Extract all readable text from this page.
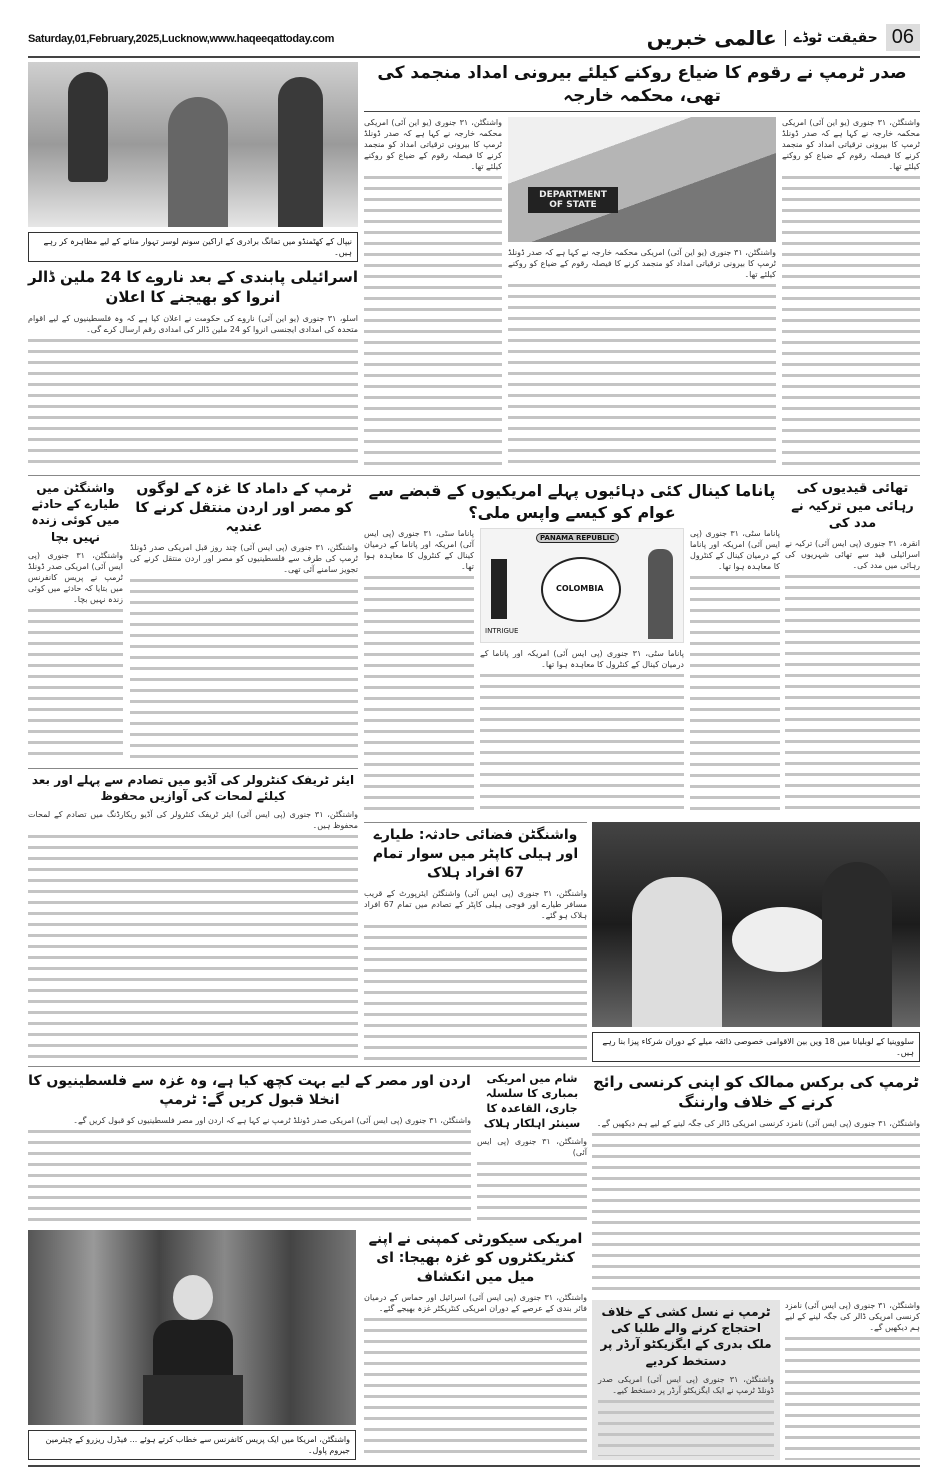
Saturday,01,February,2025,Lucknow,www.haqeeqattoday.com	06
حقیقت ٹوڈے
عالمی خبریں
نیپال کے کھٹمنڈو میں تمانگ برادری کے اراکین سونم لوسر تہوار منانے کے لیے مظاہرہ کر رہے ہیں۔
اسرائیلی پابندی کے بعد ناروے کا 24 ملین ڈالر انروا کو بھیجنے کا اعلان
اسلو، ۳۱ جنوری (یو این آئی) ناروے کی حکومت نے اعلان کیا ہے کہ وہ فلسطینیوں کے لیے اقوام متحدہ کی امدادی ایجنسی انروا کو 24 ملین ڈالر کی امدادی رقم ارسال کرے گی۔
صدر ٹرمپ نے رقوم کا ضیاع روکنے کیلئے بیرونی امداد منجمد کی تھی، محکمہ خارجہ
واشنگٹن، ۳۱ جنوری (یو این آئی) امریکی محکمہ خارجہ نے کہا ہے کہ صدر ڈونلڈ ٹرمپ کا بیرونی ترقیاتی امداد کو منجمد کرنے کا فیصلہ رقوم کے ضیاع کو روکنے کیلئے تھا۔
DEPARTMENT OF STATE
واشنگٹن، ۳۱ جنوری (یو این آئی) امریکی محکمہ خارجہ نے کہا ہے کہ صدر ڈونلڈ ٹرمپ کا بیرونی ترقیاتی امداد کو منجمد کرنے کا فیصلہ رقوم کے ضیاع کو روکنے کیلئے تھا۔
واشنگٹن، ۳۱ جنوری (یو این آئی) امریکی محکمہ خارجہ نے کہا ہے کہ صدر ڈونلڈ ٹرمپ کا بیرونی ترقیاتی امداد کو منجمد کرنے کا فیصلہ رقوم کے ضیاع کو روکنے کیلئے تھا۔
واشنگٹن میں طیارے کے حادثے میں کوئی زندہ نہیں بچا
واشنگٹن، ۳۱ جنوری (پی ایس آئی) امریکی صدر ڈونلڈ ٹرمپ نے پریس کانفرنس میں بتایا کہ حادثے میں کوئی زندہ نہیں بچا۔
ٹرمپ کے داماد کا غزہ کے لوگوں کو مصر اور اردن منتقل کرنے کا عندیہ
واشنگٹن، ۳۱ جنوری (پی ایس آئی) چند روز قبل امریکی صدر ڈونلڈ ٹرمپ کی طرف سے فلسطینیوں کو مصر اور اردن منتقل کرنے کی تجویز سامنے آئی تھی۔
پاناما کینال کئی دہائیوں پہلے امریکیوں کے قبضے سے عوام کو کیسے واپس ملی؟
پاناما سٹی، ۳۱ جنوری (پی ایس آئی) امریکہ اور پاناما کے درمیان کینال کے کنٹرول کا معاہدہ ہوا تھا۔
PANAMA REPUBLIC
COLOMBIA
INTRIGUE
پاناما سٹی، ۳۱ جنوری (پی ایس آئی) امریکہ اور پاناما کے درمیان کینال کے کنٹرول کا معاہدہ ہوا تھا۔
پاناما سٹی، ۳۱ جنوری (پی ایس آئی) امریکہ اور پاناما کے درمیان کینال کے کنٹرول کا معاہدہ ہوا تھا۔
تھائی قیدیوں کی رہائی میں ترکیہ نے مدد کی
انقرہ، ۳۱ جنوری (پی ایس آئی) ترکیہ نے اسرائیلی قید سے تھائی شہریوں کی رہائی میں مدد کی۔
ایئر ٹریفک کنٹرولر کی آڈیو میں تصادم سے پہلے اور بعد کیلئے لمحات کی آوازیں محفوظ
واشنگٹن، ۳۱ جنوری (پی ایس آئی) ایئر ٹریفک کنٹرولر کی آڈیو ریکارڈنگ میں تصادم کے لمحات محفوظ ہیں۔
واشنگٹن فضائی حادثہ: طیارے اور ہیلی کاپٹر میں سوار تمام 67 افراد ہلاک
واشنگٹن، ۳۱ جنوری (پی ایس آئی) واشنگٹن ایئرپورٹ کے قریب مسافر طیارے اور فوجی ہیلی کاپٹر کے تصادم میں تمام 67 افراد ہلاک ہو گئے۔
سلووینیا کے لوبلیانا میں 18 ویں بین الاقوامی خصوصی ذائقہ میلے کے دوران شرکاء پیزا بنا رہے ہیں۔
اردن اور مصر کے لیے بہت کچھ کیا ہے، وہ غزہ سے فلسطینیوں کا انخلا قبول کریں گے: ٹرمپ
واشنگٹن، ۳۱ جنوری (پی ایس آئی) امریکی صدر ڈونلڈ ٹرمپ نے کہا ہے کہ اردن اور مصر فلسطینیوں کو قبول کریں گے۔
شام میں امریکی بمباری کا سلسلہ جاری، القاعدہ کا سینئر اہلکار ہلاک
واشنگٹن، ۳۱ جنوری (پی ایس آئی)
ٹرمپ کی برکس ممالک کو اپنی کرنسی رائج کرنے کے خلاف وارننگ
واشنگٹن، ۳۱ جنوری (پی ایس آئی) نامزد کرنسی امریکی ڈالر کی جگہ لینے کے لیے ہم دیکھیں گے۔
واشنگٹن، ۳۱ جنوری (پی ایس آئی) نامزد کرنسی امریکی ڈالر کی جگہ لینے کے لیے ہم دیکھیں گے۔
واشنگٹن، امریکا میں ایک پریس کانفرنس سے خطاب کرتے ہوئے ... فیڈرل ریزرو کے چیئرمین جیروم پاول۔
امریکی سیکورٹی کمپنی نے اپنے کنٹریکٹروں کو غزہ بھیجا: ای میل میں انکشاف
واشنگٹن، ۳۱ جنوری (پی ایس آئی) اسرائیل اور حماس کے درمیان فائر بندی کے عرصے کے دوران امریکی کنٹریکٹر غزہ بھیجے گئے۔ ٹرمپ نے نسل کشی کے خلاف احتجاج کرنے والے طلبا کی ملک بدری کے ایگزیکٹو آرڈر پر دستخط کردیے
واشنگٹن، ۳۱ جنوری (پی ایس آئی) امریکی صدر ڈونلڈ ٹرمپ نے ایک ایگزیکٹو آرڈر پر دستخط کیے۔
